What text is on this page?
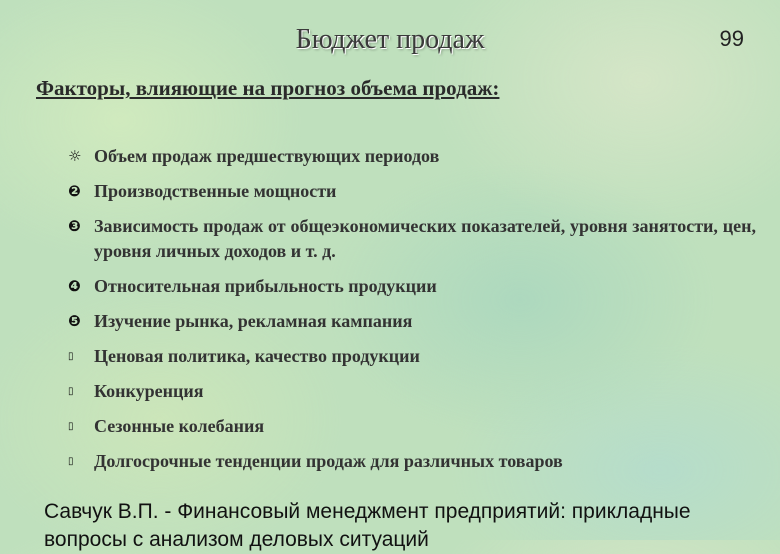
Бюджет продаж	99
Факторы, влияющие на прогноз объема продаж:
☼ Объем продаж предшествующих периодов
❷ Производственные мощности
❸ Зависимость продаж от общеэкономических показателей, уровня занятости, цен, уровня личных доходов и т. д.
❹ Относительная прибыльность продукции
❺ Изучение рынка, рекламная кампания
▯	Ценовая политика, качество продукции
▯	Конкуренция
▯	Сезонные колебания
▯	Долгосрочные тенденции продаж для различных товаров
Савчук В.П. - Финансовый менеджмент предприятий: прикладные вопросы с анализом деловых ситуаций
